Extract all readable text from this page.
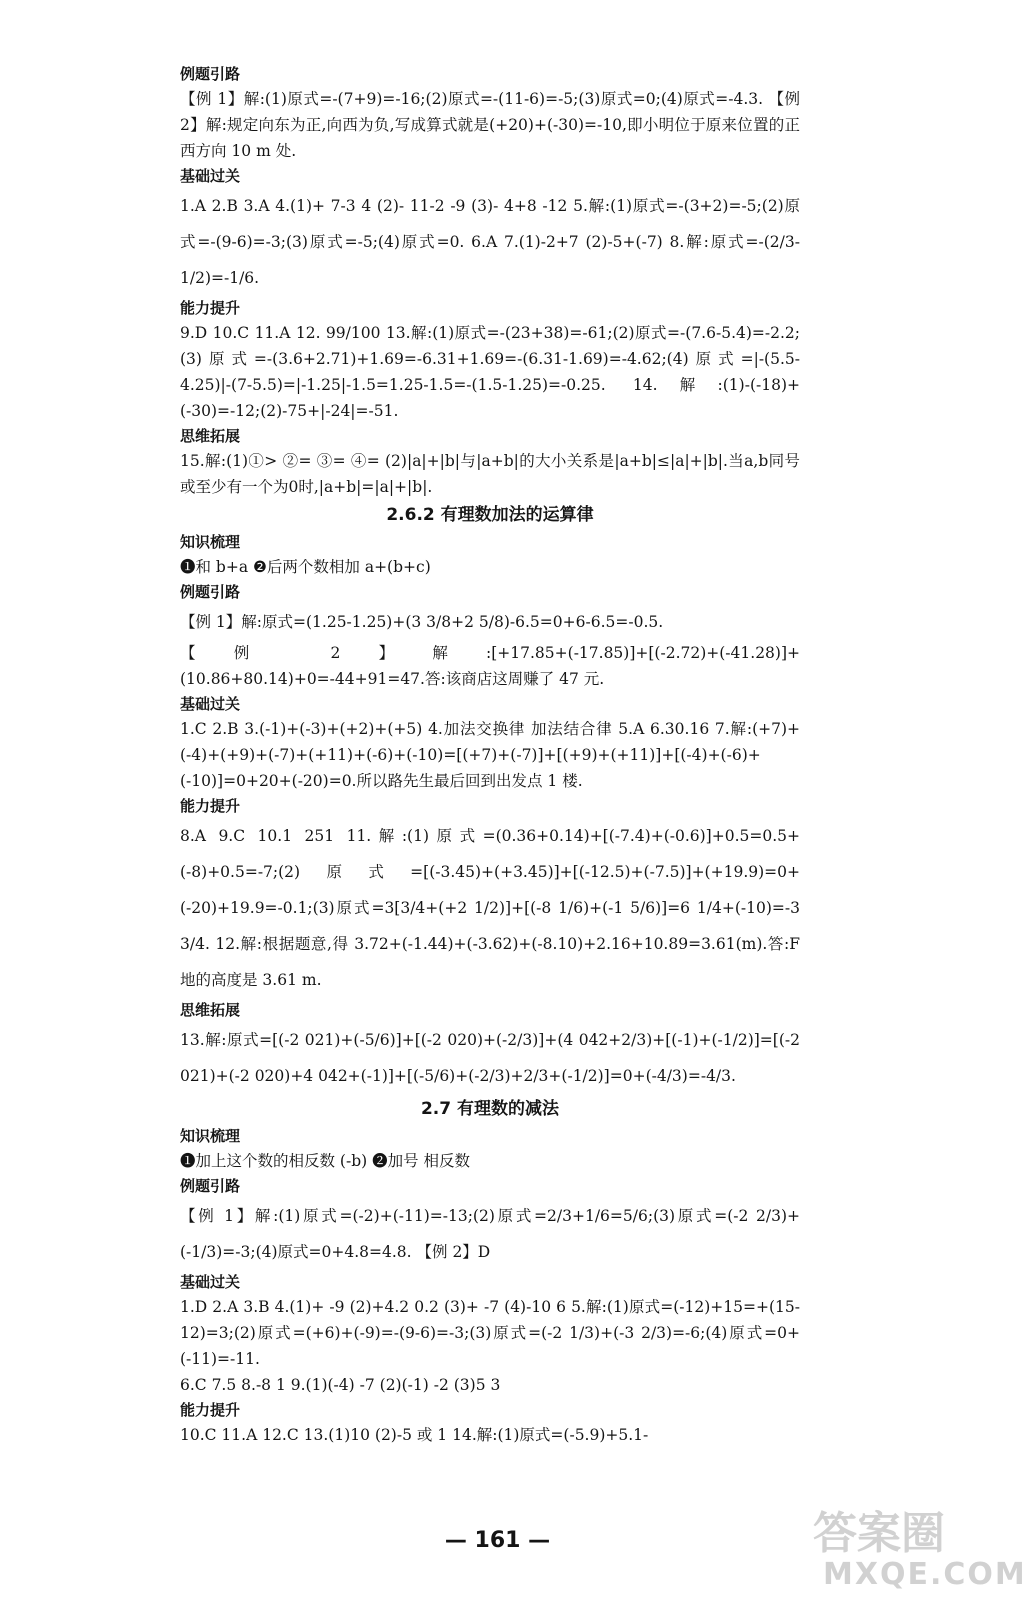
例题引路
【例 1】解:(1)原式=-(7+9)=-16;(2)原式=-(11-6)=-5;(3)原式=0;(4)原式=-4.3. 【例 2】解:规定向东为正,向西为负,写成算式就是(+20)+(-30)=-10,即小明位于原来位置的正西方向 10 m 处.
基础过关
1.A 2.B 3.A 4.(1)+ 7-3 4 (2)- 11-2 -9 (3)- 4+8 -12 5.解:(1)原式=-(3+2)=-5;(2)原式=-(9-6)=-3;(3)原式=-5;(4)原式=0. 6.A 7.(1)-2+7 (2)-5+(-7) 8.解:原式=-(2/3-1/2)=-1/6.
能力提升
9.D 10.C 11.A 12. 99/100 13.解:(1)原式=-(23+38)=-61;(2)原式=-(7.6-5.4)=-2.2;(3)原式=-(3.6+2.71)+1.69=-6.31+1.69=-(6.31-1.69)=-4.62;(4)原式=|-(5.5-4.25)|-(7-5.5)=|-1.25|-1.5=1.25-1.5=-(1.5-1.25)=-0.25. 14.解:(1)-(-18)+(-30)=-12;(2)-75+|-24|=-51.
思维拓展
15.解:(1)①> ②= ③= ④= (2)|a|+|b|与|a+b|的大小关系是|a+b|≤|a|+|b|.当a,b同号或至少有一个为0时,|a+b|=|a|+|b|.
2.6.2 有理数加法的运算律
知识梳理
❶和 b+a ❷后两个数相加 a+(b+c)
例题引路
【例 1】解:原式=(1.25-1.25)+(3 3/8+2 5/8)-6.5=0+6-6.5=-0.5.
【例 2】解:[+17.85+(-17.85)]+[(-2.72)+(-41.28)]+(10.86+80.14)+0=-44+91=47.答:该商店这周赚了 47 元.
基础过关
1.C 2.B 3.(-1)+(-3)+(+2)+(+5) 4.加法交换律 加法结合律 5.A 6.30.16 7.解:(+7)+(-4)+(+9)+(-7)+(+11)+(-6)+(-10)=[(+7)+(-7)]+[(+9)+(+11)]+[(-4)+(-6)+(-10)]=0+20+(-20)=0.所以路先生最后回到出发点 1 楼.
能力提升
8.A 9.C 10.1 251 11.解:(1)原式=(0.36+0.14)+[(-7.4)+(-0.6)]+0.5=0.5+(-8)+0.5=-7;(2)原式=[(-3.45)+(+3.45)]+[(-12.5)+(-7.5)]+(+19.9)=0+(-20)+19.9=-0.1;(3)原式=3[3/4+(+2 1/2)]+[(-8 1/6)+(-1 5/6)]=6 1/4+(-10)=-3 3/4. 12.解:根据题意,得 3.72+(-1.44)+(-3.62)+(-8.10)+2.16+10.89=3.61(m).答:F 地的高度是 3.61 m.
思维拓展
13.解:原式=[(-2 021)+(-5/6)]+[(-2 020)+(-2/3)]+(4 042+2/3)+[(-1)+(-1/2)]=[(-2 021)+(-2 020)+4 042+(-1)]+[(-5/6)+(-2/3)+2/3+(-1/2)]=0+(-4/3)=-4/3.
2.7 有理数的减法
知识梳理
❶加上这个数的相反数 (-b) ❷加号 相反数
例题引路
【例 1】解:(1)原式=(-2)+(-11)=-13;(2)原式=2/3+1/6=5/6;(3)原式=(-2 2/3)+(-1/3)=-3;(4)原式=0+4.8=4.8. 【例 2】D
基础过关
1.D 2.A 3.B 4.(1)+ -9 (2)+4.2 0.2 (3)+ -7 (4)-10 6 5.解:(1)原式=(-12)+15=+(15-12)=3;(2)原式=(+6)+(-9)=-(9-6)=-3;(3)原式=(-2 1/3)+(-3 2/3)=-6;(4)原式=0+(-11)=-11.
6.C 7.5 8.-8 1 9.(1)(-4) -7 (2)(-1) -2 (3)5 3
能力提升
10.C 11.A 12.C 13.(1)10 (2)-5 或 1 14.解:(1)原式=(-5.9)+5.1-
— 161 —	答案圈
MXQE.COM
